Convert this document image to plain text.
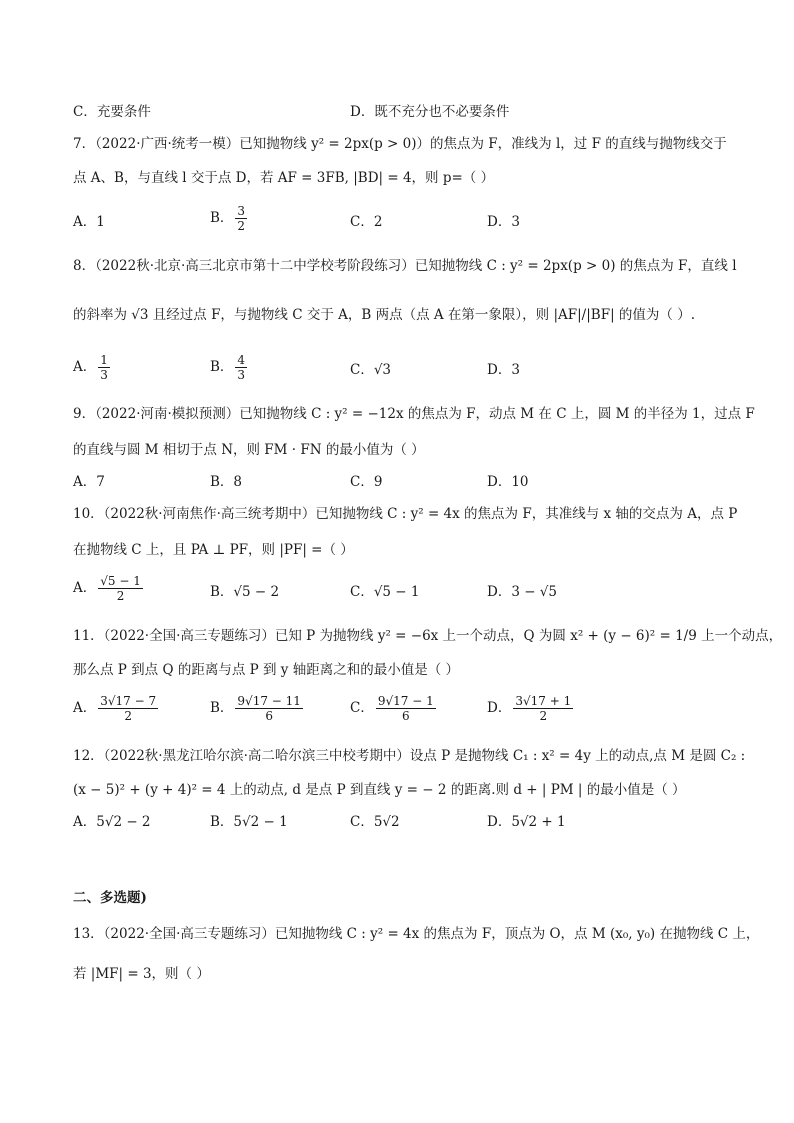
C．充要条件	D．既不充分也不必要条件
7．（2022·广西·统考一模）已知抛物线 y² = 2px(p > 0)）的焦点为 F，准线为 l，过 F 的直线与抛物线交于
点 A、B，与直线 l 交于点 D，若 AF = 3FB, |BD| = 4，则 p=（ ）
A．1	B． $\frac{3}{2}$	C．2	D．3
8．（2022秋·北京·高三北京市第十二中学校考阶段练习）已知抛物线 C : y² = 2px(p > 0) 的焦点为 F，直线 l
的斜率为 √3 且经过点 F，与抛物线 C 交于 A，B 两点（点 A 在第一象限），则 |AF|/|BF| 的值为（ ）.
A． $\frac{1}{3}$	B． $\frac{4}{3}$	C．√3	D．3
9．（2022·河南·模拟预测）已知抛物线 C : y² = −12x 的焦点为 F，动点 M 在 C 上，圆 M 的半径为 1，过点 F
的直线与圆 M 相切于点 N，则 FM · FN 的最小值为（ ）
A．7	B．8	C．9	D．10
10．（2022秋·河南焦作·高三统考期中）已知抛物线 C : y² = 4x 的焦点为 F，其准线与 x 轴的交点为 A，点 P
在抛物线 C 上，且 PA ⊥ PF，则 |PF| =（ ）
A． $\frac{√5 - 1}{2}$	B．√5 − 2	C．√5 − 1	D．3 − √5
11．（2022·全国·高三专题练习）已知 P 为抛物线 y² = −6x 上一个动点，Q 为圆 x² + (y − 6)² = 1/9 上一个动点，
那么点 P 到点 Q 的距离与点 P 到 y 轴距离之和的最小值是（ ）
A． $\frac{3√17 - 7}{2}$	B． $\frac{9√17 - 11}{6}$	C． $\frac{9√17 - 1}{6}$	D． $\frac{3√17 + 1}{2}$
12．（2022秋·黑龙江哈尔滨·高二哈尔滨三中校考期中）设点 P 是抛物线 C₁ : x² = 4y 上的动点,点 M 是圆 C₂ :
(x − 5)² + (y + 4)² = 4 上的动点, d 是点 P 到直线 y = − 2 的距离.则 d + | PM | 的最小值是（ ）
A．5√2 − 2	B．5√2 − 1	C．5√2	D．5√2 + 1
二、多选题)
13．（2022·全国·高三专题练习）已知抛物线 C : y² = 4x 的焦点为 F，顶点为 O，点 M (x₀, y₀) 在抛物线 C 上，
若 |MF| = 3，则（ ）
